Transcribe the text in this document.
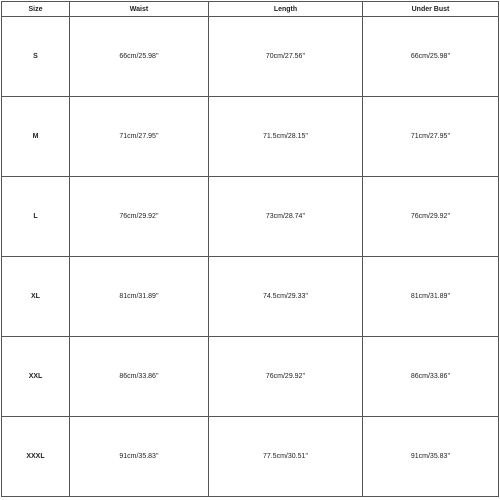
Size	Waist	Length	Under Bust
S	66cm/25.98''	70cm/27.56''	66cm/25.98''
M	71cm/27.95''	71.5cm/28.15''	71cm/27.95''
L	76cm/29.92''	73cm/28.74''	76cm/29.92''
XL	81cm/31.89''	74.5cm/29.33''	81cm/31.89''
XXL	86cm/33.86''	76cm/29.92''	86cm/33.86''
XXXL	91cm/35.83''	77.5cm/30.51''	91cm/35.83''
